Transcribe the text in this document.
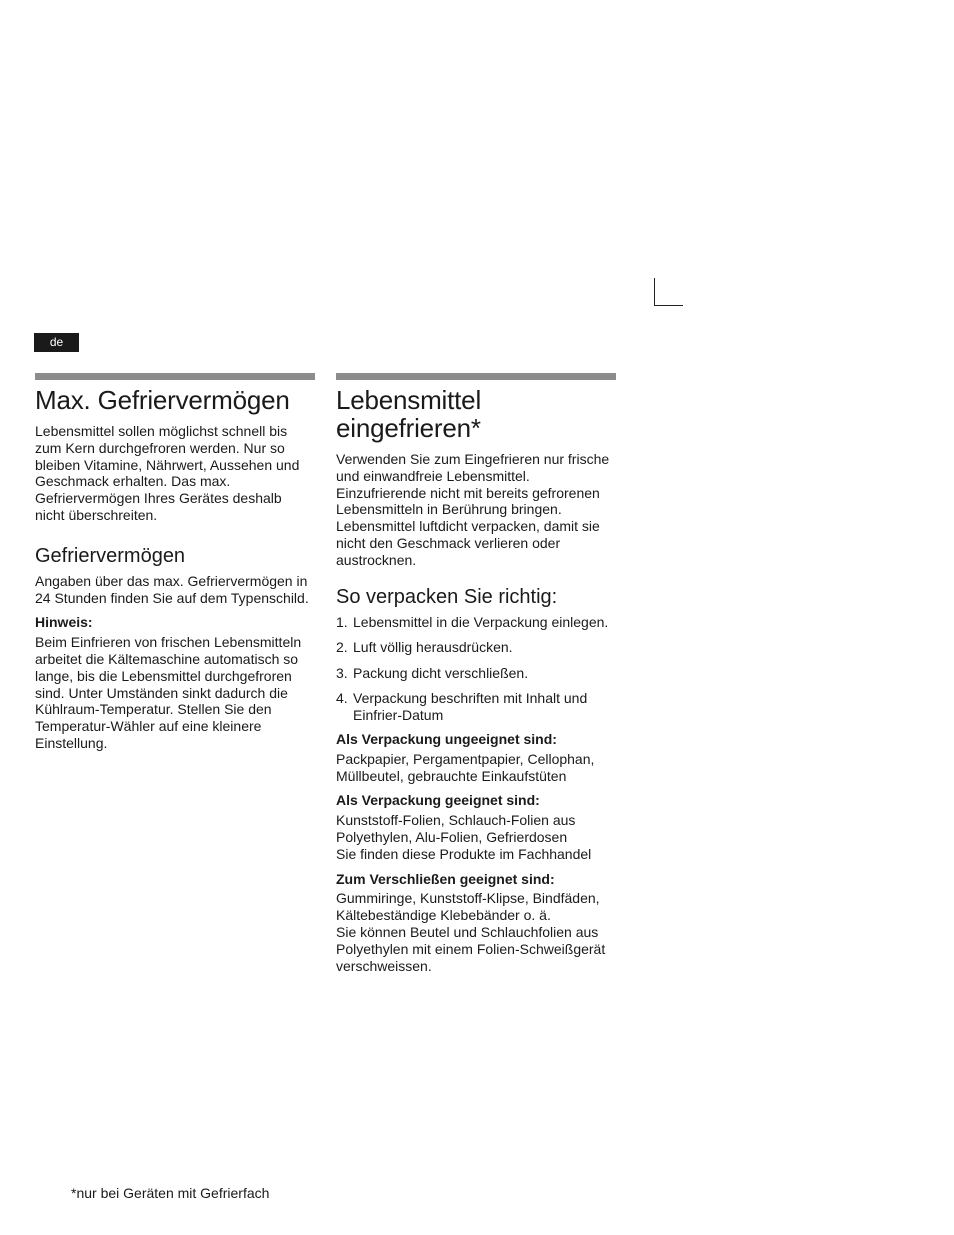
de
Max. Gefriervermögen

Lebensmittel sollen möglichst schnell bis zum Kern durchgefroren werden. Nur so bleiben Vitamine, Nährwert, Aussehen und Geschmack erhalten. Das max. Gefriervermögen Ihres Gerätes deshalb nicht überschreiten.

Gefriervermögen

Angaben über das max. Gefriervermögen in 24 Stunden finden Sie auf dem Typenschild.

Hinweis:

Beim Einfrieren von frischen Lebensmitteln arbeitet die Kältemaschine automatisch so lange, bis die Lebensmittel durchgefroren sind. Unter Umständen sinkt dadurch die Kühlraum-Temperatur. Stellen Sie den Temperatur-Wähler auf eine kleinere Einstellung.

Lebensmittel
eingefrieren*

Verwenden Sie zum Eingefrieren nur frische und einwandfreie Lebensmittel. Einzufrierende nicht mit bereits gefrorenen Lebensmitteln in Berührung bringen. Lebensmittel luftdicht verpacken, damit sie nicht den Geschmack verlieren oder austrocknen.

So verpacken Sie richtig:
1. Lebensmittel in die Verpackung einlegen.
2. Luft völlig herausdrücken.
3. Packung dicht verschließen.
4. Verpackung beschriften mit Inhalt und Einfrier-Datum
Als Verpackung ungeeignet sind:

Packpapier, Pergamentpapier, Cellophan, Müllbeutel, gebrauchte Einkaufstüten

Als Verpackung geeignet sind:

Kunststoff-Folien, Schlauch-Folien aus Polyethylen, Alu-Folien, Gefrierdosen

Sie finden diese Produkte im Fachhandel

Zum Verschließen geeignet sind:

Gummiringe, Kunststoff-Klipse, Bindfäden, Kältebeständige Klebebänder o. ä.

Sie können Beutel und Schlauchfolien aus Polyethylen mit einem Folien-Schweißgerät verschweissen.

*nur bei Geräten mit Gefrierfach
